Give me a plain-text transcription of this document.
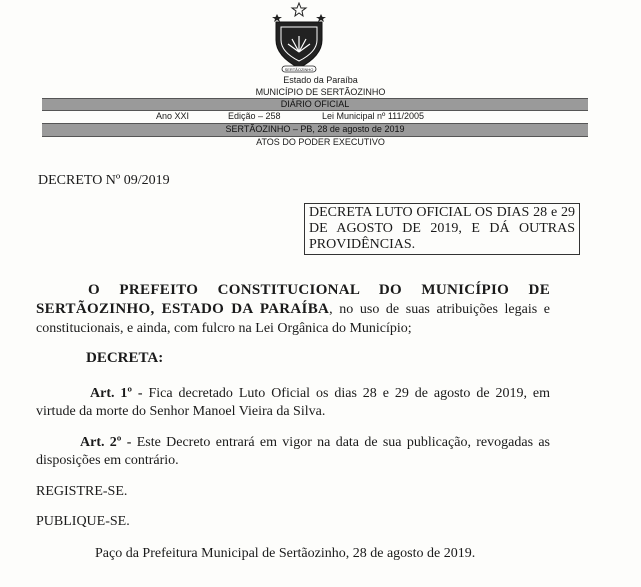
SERTÃOZINHO
Estado da Paraíba
MUNICÍPIO DE SERTÃOZINHO
DIÁRIO OFICIAL
Ano XXI	Edição – 258	Lei Municipal nº 111/2005
SERTÃOZINHO – PB, 28 de agosto de 2019
ATOS DO PODER EXECUTIVO
DECRETO Nº 09/2019
DECRETA LUTO OFICIAL OS DIAS 28 e 29 DE AGOSTO DE 2019, E DÁ OUTRAS PROVIDÊNCIAS.
O PREFEITO CONSTITUCIONAL DO MUNICÍPIO DE SERTÃOZINHO, ESTADO DA PARAÍBA, no uso de suas atribuições legais e constitucionais, e ainda, com fulcro na Lei Orgânica do Município;
DECRETA:
Art. 1º - Fica decretado Luto Oficial os dias 28 e 29 de agosto de 2019, em virtude da morte do Senhor Manoel Vieira da Silva.
Art. 2º - Este Decreto entrará em vigor na data de sua publicação, revogadas as disposições em contrário.
REGISTRE-SE.
PUBLIQUE-SE.
Paço da Prefeitura Municipal de Sertãozinho, 28 de agosto de 2019.
